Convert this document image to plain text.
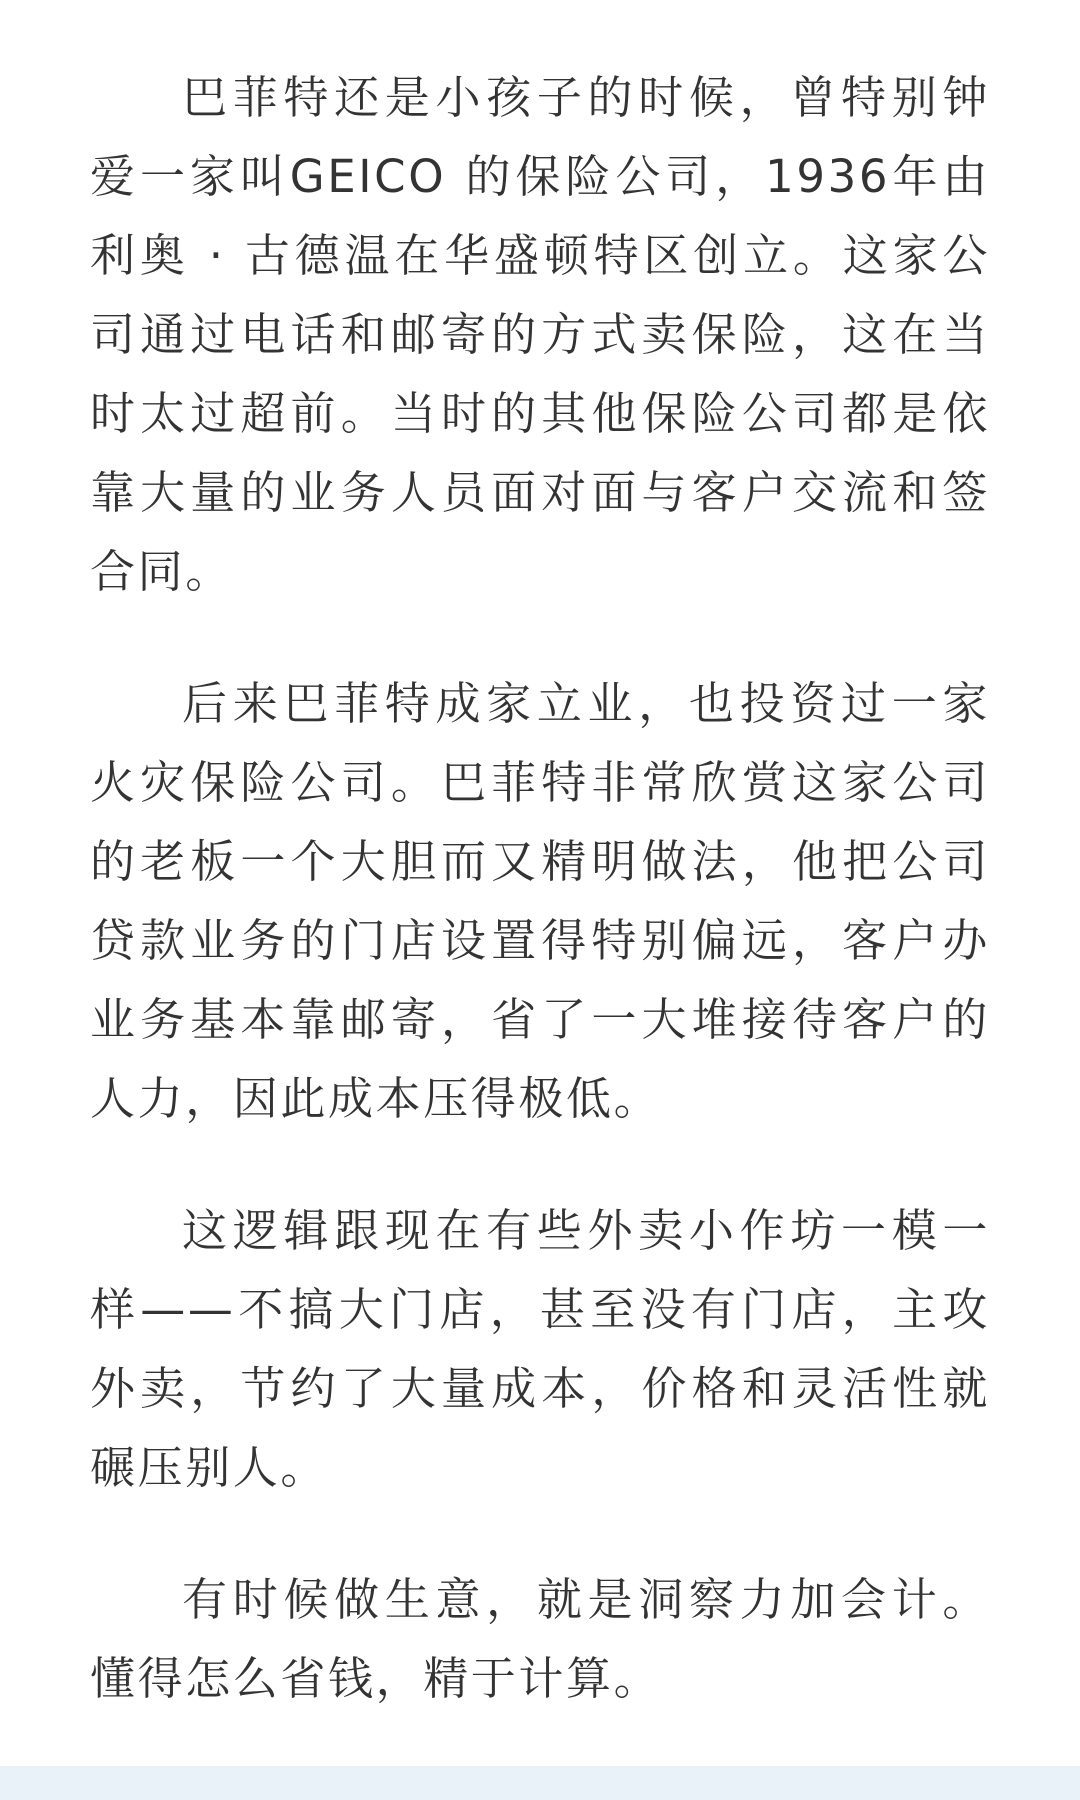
巴菲特还是小孩子的时候，曾特别钟爱一家叫GEICO 的保险公司，1936年由利奥 · 古德温在华盛顿特区创立。这家公司通过电话和邮寄的方式卖保险，这在当时太过超前。当时的其他保险公司都是依靠大量的业务人员面对面与客户交流和签合同。

后来巴菲特成家立业，也投资过一家火灾保险公司。巴菲特非常欣赏这家公司的老板一个大胆而又精明做法，他把公司贷款业务的门店设置得特别偏远，客户办业务基本靠邮寄，省了一大堆接待客户的人力，因此成本压得极低。

这逻辑跟现在有些外卖小作坊一模一样——不搞大门店，甚至没有门店，主攻外卖，节约了大量成本，价格和灵活性就碾压别人。

有时候做生意，就是洞察力加会计。懂得怎么省钱，精于计算。
